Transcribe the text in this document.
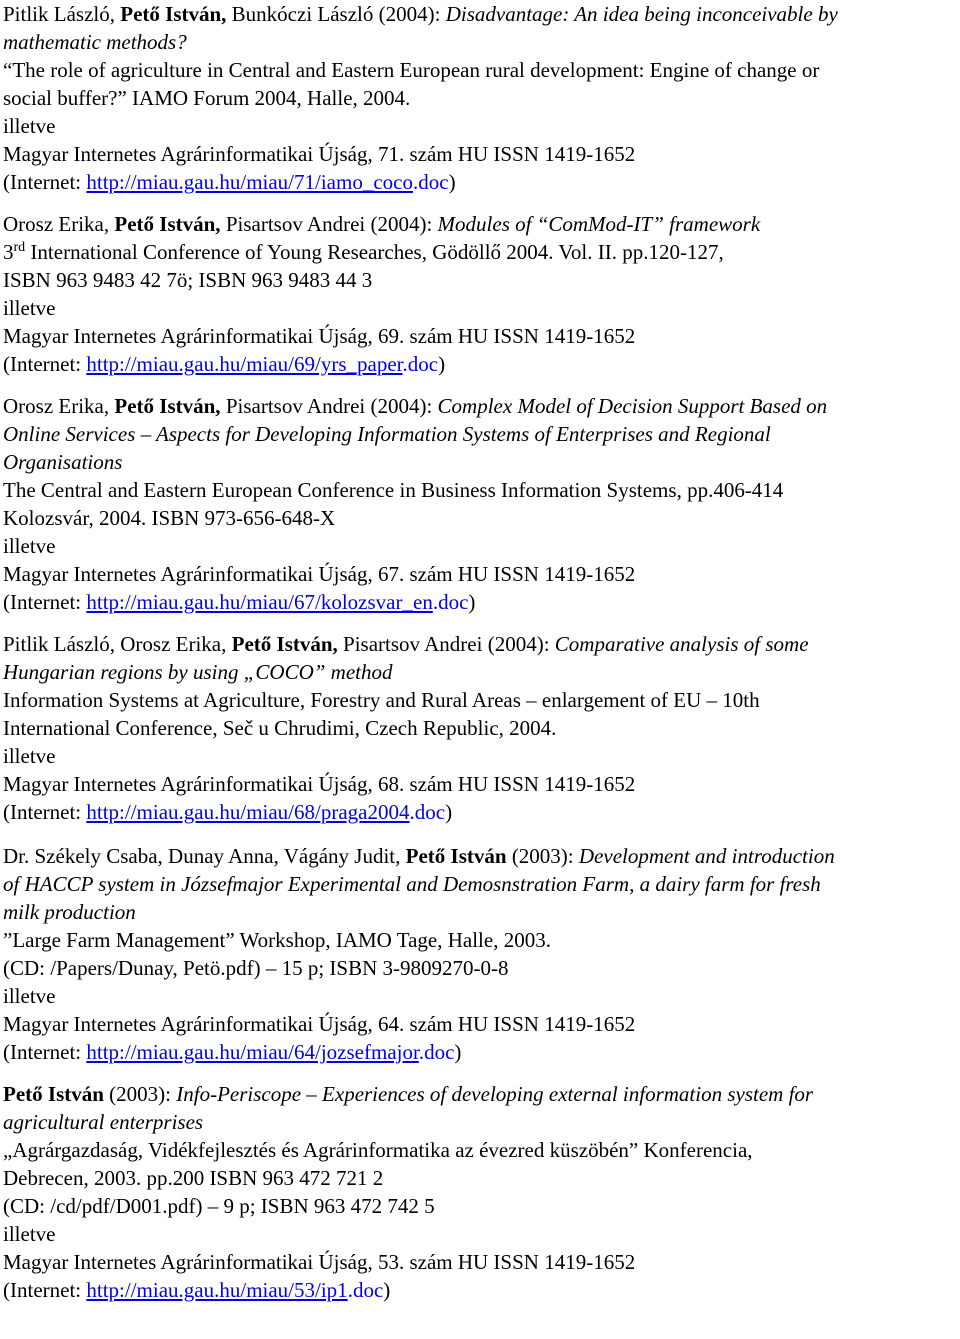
Pitlik László, Pető István, Bunkóczi László (2004): Disadvantage: An idea being inconceivable by
mathematic methods?
“The role of agriculture in Central and Eastern European rural development: Engine of change or
social buffer?” IAMO Forum 2004, Halle, 2004.
illetve
Magyar Internetes Agrárinformatikai Újság, 71. szám HU ISSN 1419-1652
(Internet: http://miau.gau.hu/miau/71/iamo_coco.doc)
Orosz Erika, Pető István, Pisartsov Andrei (2004): Modules of “ComMod-IT” framework
3rd International Conference of Young Researches, Gödöllő 2004. Vol. II. pp.120-127,
ISBN 963 9483 42 7ö; ISBN 963 9483 44 3
illetve
Magyar Internetes Agrárinformatikai Újság, 69. szám HU ISSN 1419-1652
(Internet: http://miau.gau.hu/miau/69/yrs_paper.doc)
Orosz Erika, Pető István, Pisartsov Andrei (2004): Complex Model of Decision Support Based on
Online Services – Aspects for Developing Information Systems of Enterprises and Regional
Organisations
The Central and Eastern European Conference in Business Information Systems, pp.406-414
Kolozsvár, 2004. ISBN 973-656-648-X
illetve
Magyar Internetes Agrárinformatikai Újság, 67. szám HU ISSN 1419-1652
(Internet: http://miau.gau.hu/miau/67/kolozsvar_en.doc)
Pitlik László, Orosz Erika, Pető István, Pisartsov Andrei (2004): Comparative analysis of some
Hungarian regions by using „COCO” method
Information Systems at Agriculture, Forestry and Rural Areas – enlargement of EU – 10th
International Conference, Seč u Chrudimi, Czech Republic, 2004.
illetve
Magyar Internetes Agrárinformatikai Újság, 68. szám HU ISSN 1419-1652
(Internet: http://miau.gau.hu/miau/68/praga2004.doc)
Dr. Székely Csaba, Dunay Anna, Vágány Judit, Pető István (2003): Development and introduction
of HACCP system in Józsefmajor Experimental and Demosnstration Farm, a dairy farm for fresh
milk production
”Large Farm Management” Workshop, IAMO Tage, Halle, 2003.
(CD: /Papers/Dunay, Petö.pdf) – 15 p; ISBN 3-9809270-0-8
illetve
Magyar Internetes Agrárinformatikai Újság, 64. szám HU ISSN 1419-1652
(Internet: http://miau.gau.hu/miau/64/jozsefmajor.doc)
Pető István (2003): Info-Periscope – Experiences of developing external information system for
agricultural enterprises
„Agrárgazdaság, Vidékfejlesztés és Agrárinformatika az évezred küszöbén” Konferencia,
Debrecen, 2003. pp.200 ISBN 963 472 721 2
(CD: /cd/pdf/D001.pdf) – 9 p; ISBN 963 472 742 5
illetve
Magyar Internetes Agrárinformatikai Újság, 53. szám HU ISSN 1419-1652
(Internet: http://miau.gau.hu/miau/53/ip1.doc)
